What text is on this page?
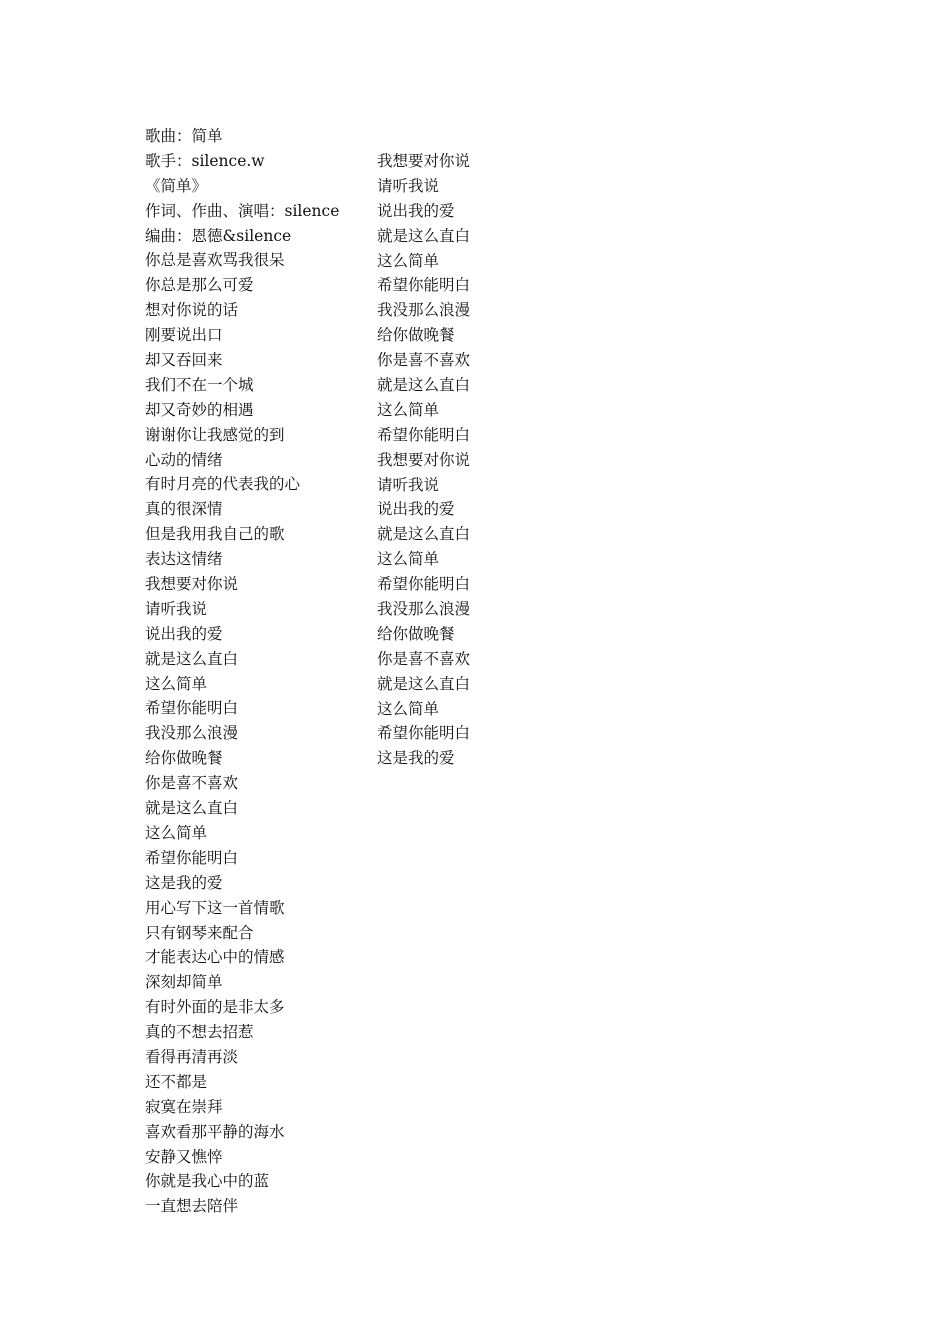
歌曲：简单
歌手：silence.w
《简单》
作词、作曲、演唱：silence
编曲：恩德&silence
你总是喜欢骂我很呆
你总是那么可爱
想对你说的话
刚要说出口
却又吞回来
我们不在一个城
却又奇妙的相遇
谢谢你让我感觉的到
心动的情绪
有时月亮的代表我的心
真的很深情
但是我用我自己的歌
表达这情绪
我想要对你说
请听我说
说出我的爱
就是这么直白
这么简单
希望你能明白
我没那么浪漫
给你做晚餐
你是喜不喜欢
就是这么直白
这么简单
希望你能明白
这是我的爱
用心写下这一首情歌
只有钢琴来配合
才能表达心中的情感
深刻却简单
有时外面的是非太多
真的不想去招惹
看得再清再淡
还不都是
寂寞在崇拜
喜欢看那平静的海水
安静又憔悴
你就是我心中的蓝
一直想去陪伴
我想要对你说
请听我说
说出我的爱
就是这么直白
这么简单
希望你能明白
我没那么浪漫
给你做晚餐
你是喜不喜欢
就是这么直白
这么简单
希望你能明白
我想要对你说
请听我说
说出我的爱
就是这么直白
这么简单
希望你能明白
我没那么浪漫
给你做晚餐
你是喜不喜欢
就是这么直白
这么简单
希望你能明白
这是我的爱
